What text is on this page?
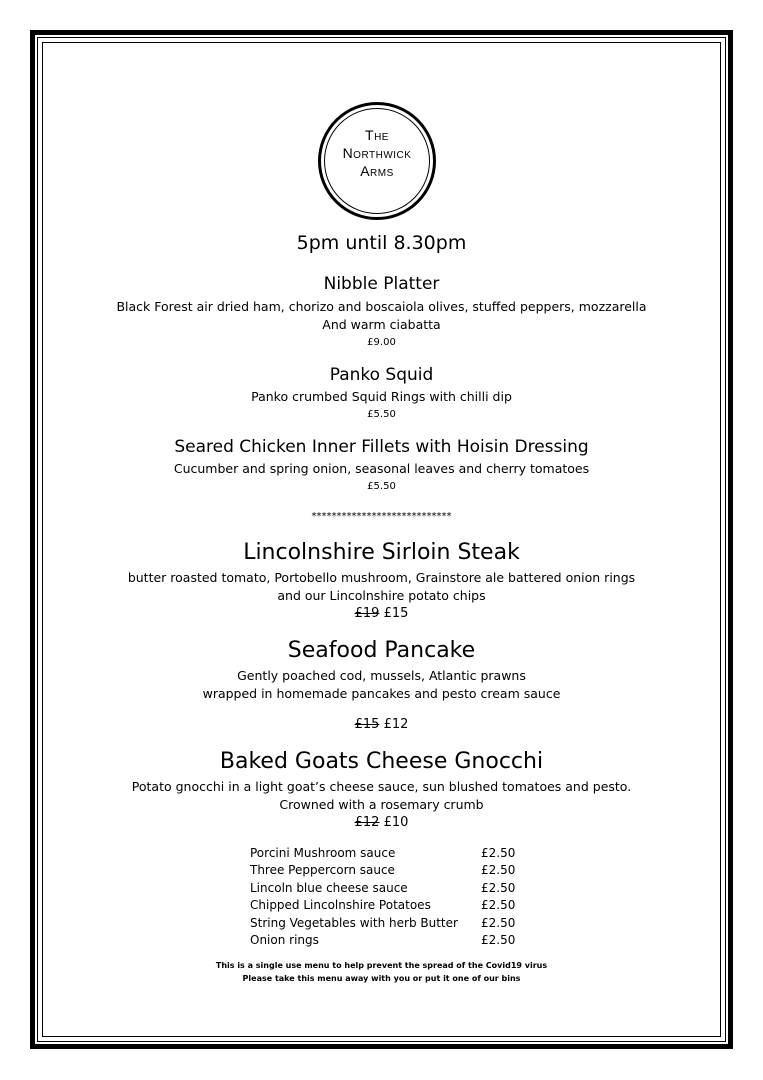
The
Northwick
Arms
5pm until 8.30pm
Nibble Platter
Black Forest air dried ham, chorizo and boscaiola olives, stuffed peppers, mozzarella
And warm ciabatta
£9.00
Panko Squid
Panko crumbed Squid Rings with chilli dip
£5.50
Seared Chicken Inner Fillets with Hoisin Dressing
Cucumber and spring onion, seasonal leaves and cherry tomatoes
£5.50
****************************
Lincolnshire Sirloin Steak
butter roasted tomato, Portobello mushroom, Grainstore ale battered onion rings
and our Lincolnshire potato chips
£19 £15
Seafood Pancake
Gently poached cod, mussels, Atlantic prawns
wrapped in homemade pancakes and pesto cream sauce
£15 £12
Baked Goats Cheese Gnocchi
Potato gnocchi in a light goat’s cheese sauce, sun blushed tomatoes and pesto.
Crowned with a rosemary crumb
£12 £10
Porcini Mushroom sauce	£2.50
Three Peppercorn sauce	£2.50
Lincoln blue cheese sauce	£2.50
Chipped Lincolnshire Potatoes	£2.50
String Vegetables with herb Butter	£2.50
Onion rings	£2.50
This is a single use menu to help prevent the spread of the Covid19 virus
Please take this menu away with you or put it one of our bins
